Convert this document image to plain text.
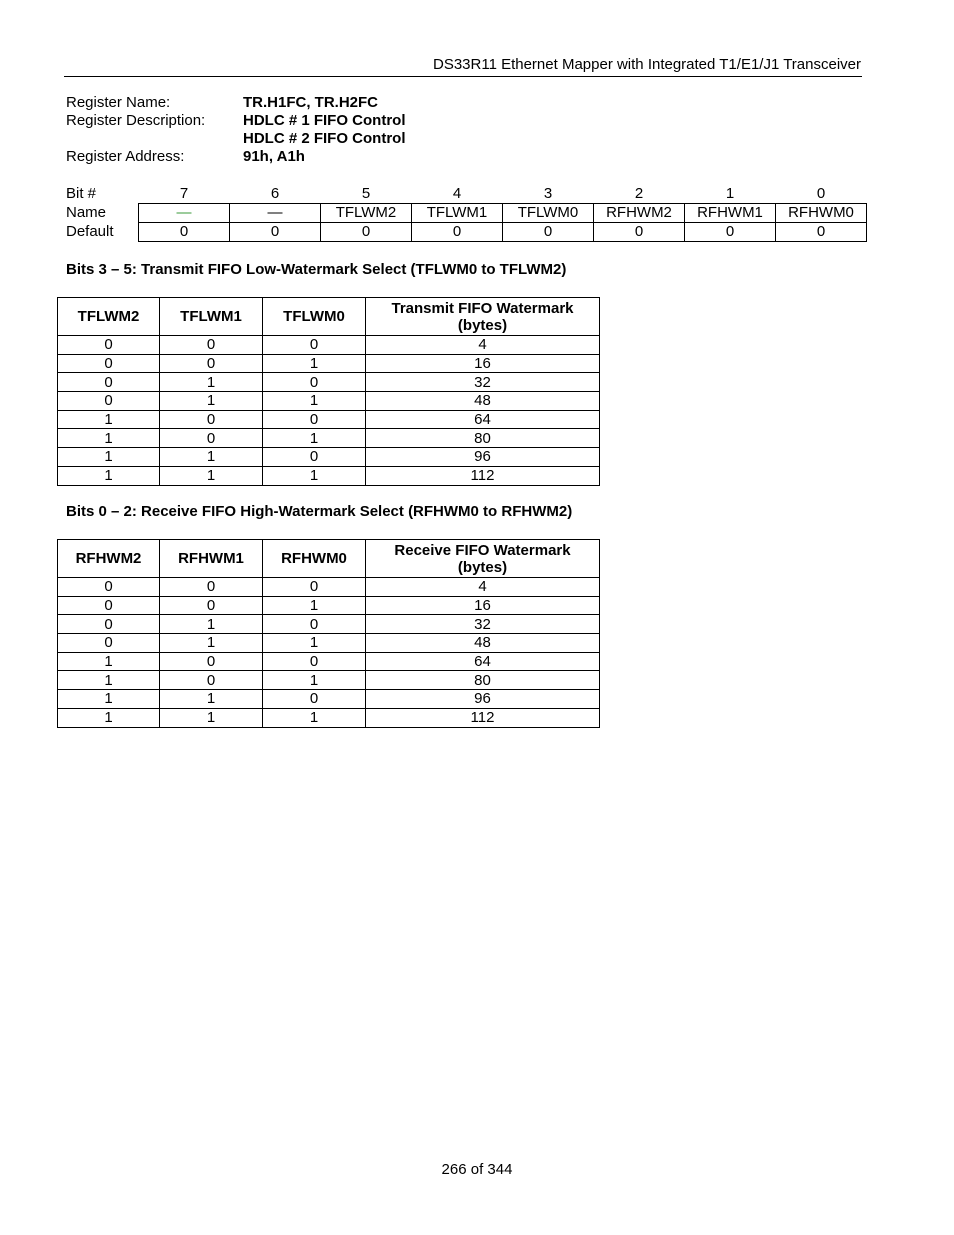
DS33R11 Ethernet Mapper with Integrated T1/E1/J1 Transceiver
Register Name:	TR.H1FC, TR.H2FC
Register Description:	HDLC # 1 FIFO Control
HDLC # 2 FIFO Control
Register Address:	91h, A1h
Bit #	7	6	5	4	3	2	1	0
Name	—	—	TFLWM2	TFLWM1	TFLWM0	RFHWM2	RFHWM1	RFHWM0
Default	0	0	0	0	0	0	0	0
Bits 3 – 5: Transmit FIFO Low-Watermark Select (TFLWM0 to TFLWM2)
TFLWM2	TFLWM1	TFLWM0	Transmit FIFO Watermark
(bytes)
0	0	0	4
0	0	1	16
0	1	0	32
0	1	1	48
1	0	0	64
1	0	1	80
1	1	0	96
1	1	1	112
Bits 0 – 2: Receive FIFO High-Watermark Select (RFHWM0 to RFHWM2)
RFHWM2	RFHWM1	RFHWM0	Receive FIFO Watermark
(bytes)
0	0	0	4
0	0	1	16
0	1	0	32
0	1	1	48
1	0	0	64
1	0	1	80
1	1	0	96
1	1	1	112
266 of 344
